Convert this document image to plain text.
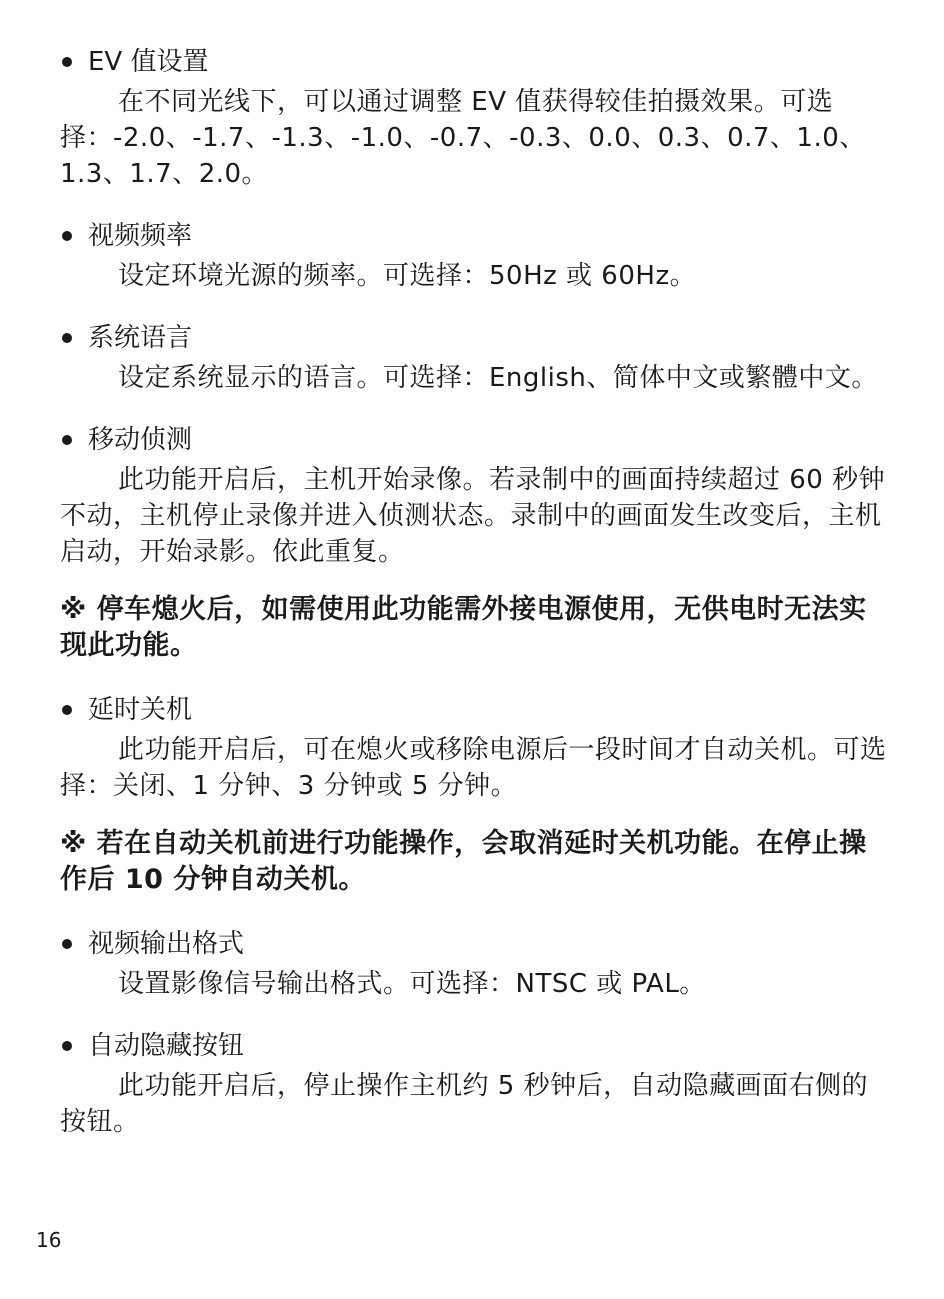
EV 值设置

在不同光线下，可以通过调整 EV 值获得较佳拍摄效果。可选择：-2.0、-1.7、-1.3、-1.0、-0.7、-0.3、0.0、0.3、0.7、1.0、1.3、1.7、2.0。

视频频率

设定环境光源的频率。可选择：50Hz 或 60Hz。

系统语言

设定系统显示的语言。可选择：English、简体中文或繁體中文。

移动侦测

此功能开启后，主机开始录像。若录制中的画面持续超过 60 秒钟不动，主机停止录像并进入侦测状态。录制中的画面发生改变后，主机启动，开始录影。依此重复。

※ 停车熄火后，如需使用此功能需外接电源使用，无供电时无法实现此功能。
延时关机

此功能开启后，可在熄火或移除电源后一段时间才自动关机。可选择：关闭、1 分钟、3 分钟或 5 分钟。

※ 若在自动关机前进行功能操作，会取消延时关机功能。在停止操作后 10 分钟自动关机。
视频输出格式

设置影像信号输出格式。可选择：NTSC 或 PAL。

自动隐藏按钮

此功能开启后，停止操作主机约 5 秒钟后，自动隐藏画面右侧的按钮。

16
